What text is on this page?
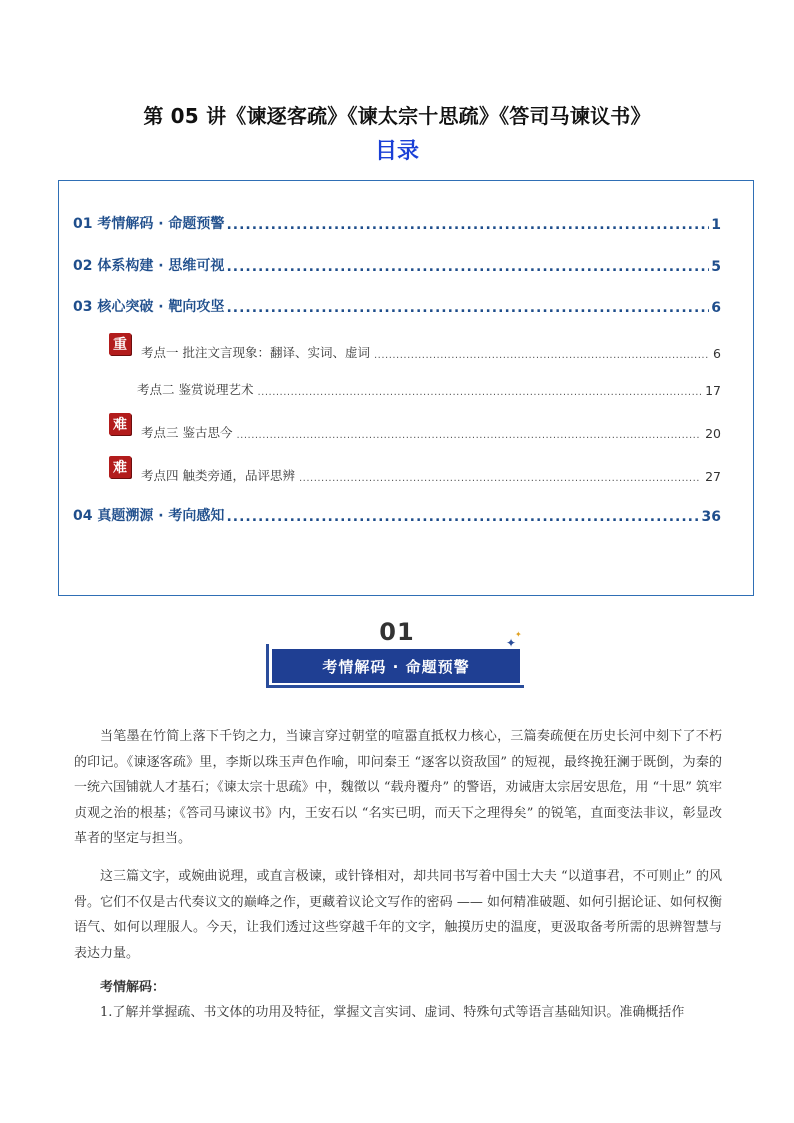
第 05 讲《谏逐客疏》《谏太宗十思疏》《答司马谏议书》
目录
01 考情解码 · 命题预警 .....	1
02 体系构建 · 思维可视 .....	5
03 核心突破 · 靶向攻坚 .....	6
重	考点一 批注文言现象：翻译、实词、虚词 .....	6
考点二 鉴赏说理艺术 .....	17
难	考点三 鉴古思今 .....	20
难	考点四 触类旁通，品评思辨 .....	27
04 真题溯源 · 考向感知 .....	36
01
考情解码 · 命题预警
✦
✦
当笔墨在竹简上落下千钧之力，当谏言穿过朝堂的喧嚣直抵权力核心，三篇奏疏便在历史长河中刻下了不朽的印记。《谏逐客疏》里，李斯以珠玉声色作喻，叩问秦王 “逐客以资敌国” 的短视，最终挽狂澜于既倒，为秦的一统六国铺就人才基石；《谏太宗十思疏》中，魏徵以 “载舟覆舟” 的警语，劝诫唐太宗居安思危，用 “十思” 筑牢贞观之治的根基；《答司马谏议书》内，王安石以 “名实已明，而天下之理得矣” 的锐笔，直面变法非议，彰显改革者的坚定与担当。
这三篇文字，或婉曲说理，或直言极谏，或针锋相对，却共同书写着中国士大夫 “以道事君，不可则止” 的风骨。它们不仅是古代奏议文的巅峰之作，更藏着议论文写作的密码 —— 如何精准破题、如何引据论证、如何权衡语气、如何以理服人。今天，让我们透过这些穿越千年的文字，触摸历史的温度，更汲取备考所需的思辨智慧与表达力量。
考情解码：
1.了解并掌握疏、书文体的功用及特征，掌握文言实词、虚词、特殊句式等语言基础知识。准确概括作
